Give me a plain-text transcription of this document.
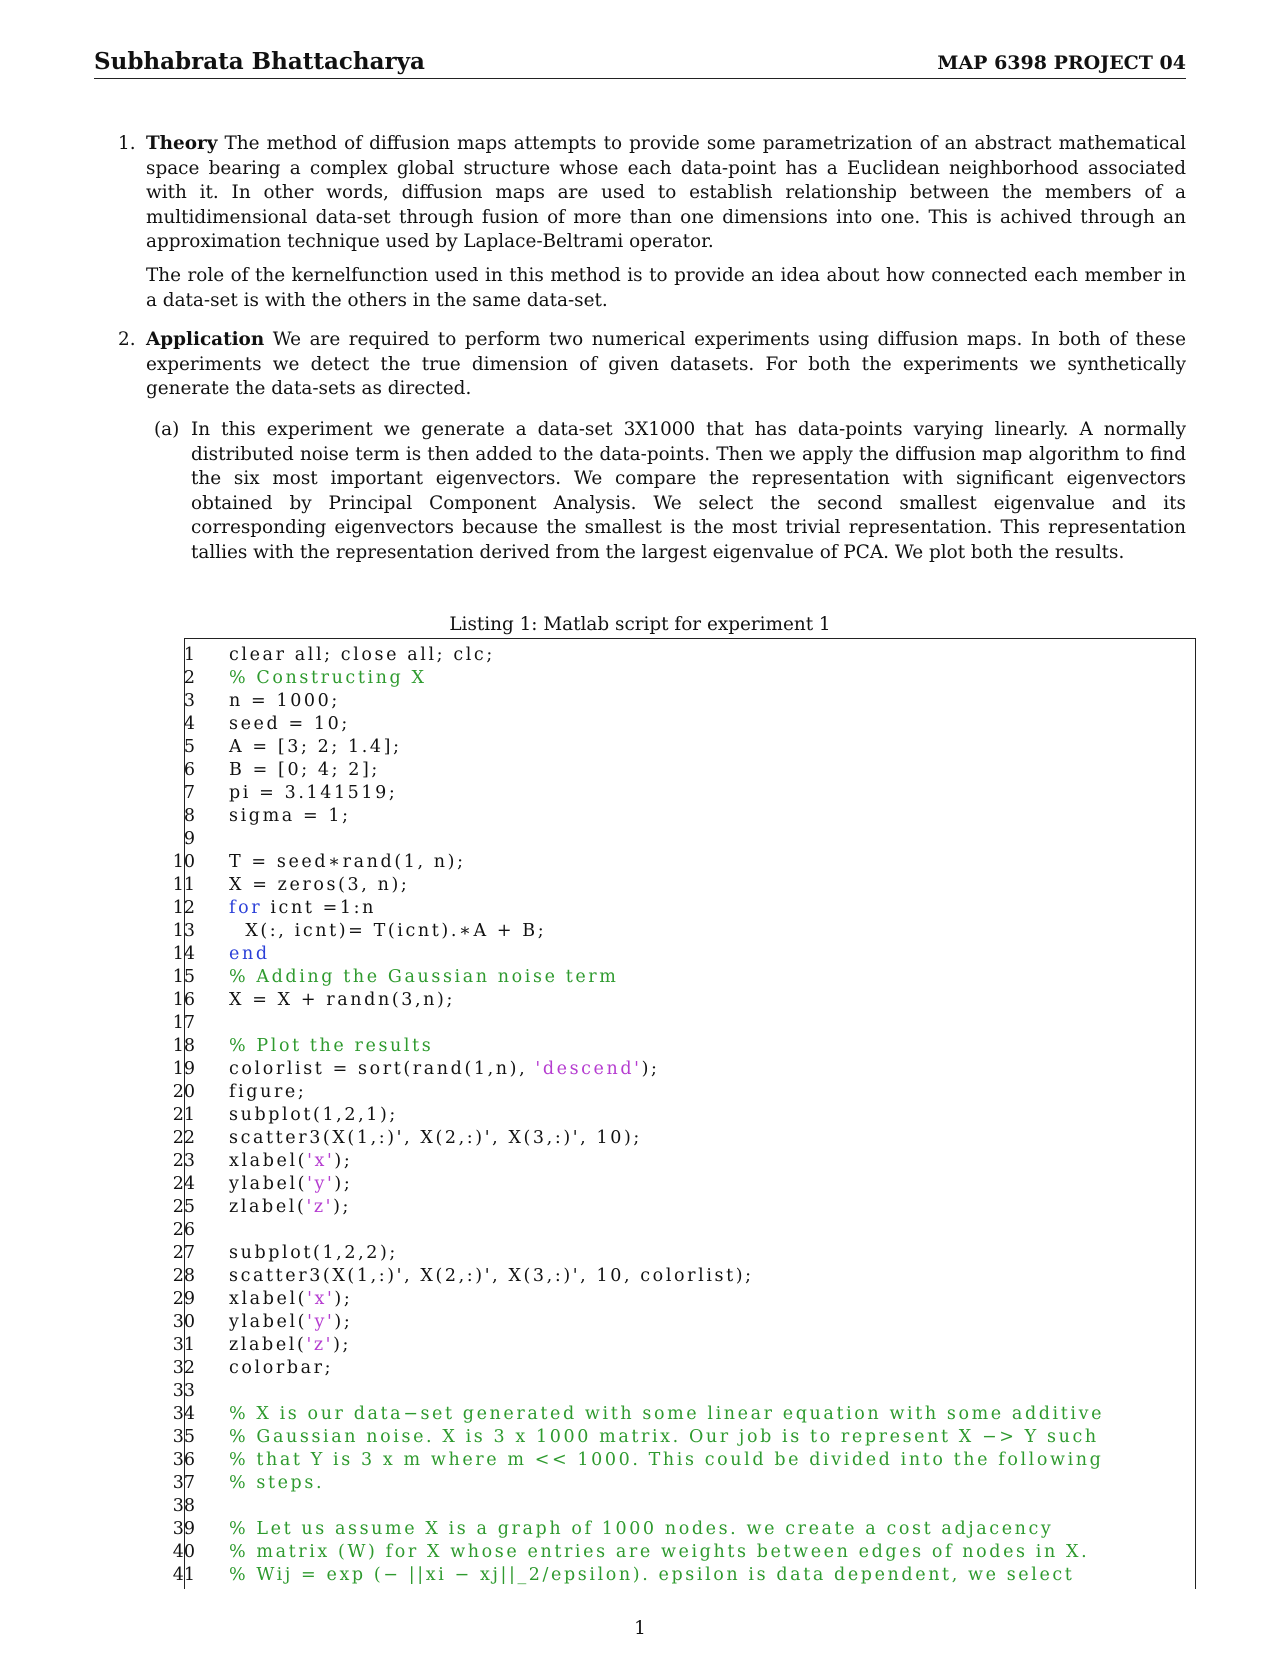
Subhabrata Bhattacharya	MAP 6398 PROJECT 04
1. Theory The method of diffusion maps attempts to provide some parametrization of an abstract mathematical space bearing a complex global structure whose each data-point has a Euclidean neighborhood associated with it. In other words, diffusion maps are used to establish relationship between the members of a multidimensional data-set through fusion of more than one dimensions into one. This is achived through an approximation technique used by Laplace-Beltrami operator.
The role of the kernelfunction used in this method is to provide an idea about how connected each member in a data-set is with the others in the same data-set.
2. Application We are required to perform two numerical experiments using diffusion maps. In both of these experiments we detect the true dimension of given datasets. For both the experiments we synthetically generate the data-sets as directed.
(a) In this experiment we generate a data-set 3X1000 that has data-points varying linearly. A normally distributed noise term is then added to the data-points. Then we apply the diffusion map algorithm to find the six most important eigenvectors. We compare the representation with significant eigenvectors obtained by Principal Component Analysis. We select the second smallest eigenvalue and its corresponding eigenvectors because the smallest is the most trivial representation. This representation tallies with the representation derived from the largest eigenvalue of PCA. We plot both the results.
Listing 1: Matlab script for experiment 1
1 clear all; close all; clc;
2 % Constructing X
3 n = 1000;
4 seed = 10;
5 A = [3; 2; 1.4];
6 B = [0; 4; 2];
7 pi = 3.141519;
8 sigma = 1;
9
10 T = seed∗rand(1, n);
11 X = zeros(3, n);
12 for icnt =1:n
13 X(:, icnt)= T(icnt).∗A + B;
14 end
15 % Adding the Gaussian noise term
16 X = X + randn(3,n);
17
18 % Plot the results
19 colorlist = sort(rand(1,n), 'descend');
20 figure;
21 subplot(1,2,1);
22 scatter3(X(1,:)', X(2,:)', X(3,:)', 10);
23 xlabel('x');
24 ylabel('y');
25 zlabel('z');
26
27 subplot(1,2,2);
28 scatter3(X(1,:)', X(2,:)', X(3,:)', 10, colorlist);
29 xlabel('x');
30 ylabel('y');
31 zlabel('z');
32 colorbar;
33
34 % X is our data−set generated with some linear equation with some additive
35 % Gaussian noise. X is 3 x 1000 matrix. Our job is to represent X −> Y such
36 % that Y is 3 x m where m << 1000. This could be divided into the following
37 % steps.
38
39 % Let us assume X is a graph of 1000 nodes. we create a cost adjacency
40 % matrix (W) for X whose entries are weights between edges of nodes in X.
41 % Wij = exp (− ||xi − xj||_2/epsilon). epsilon is data dependent, we select
1
